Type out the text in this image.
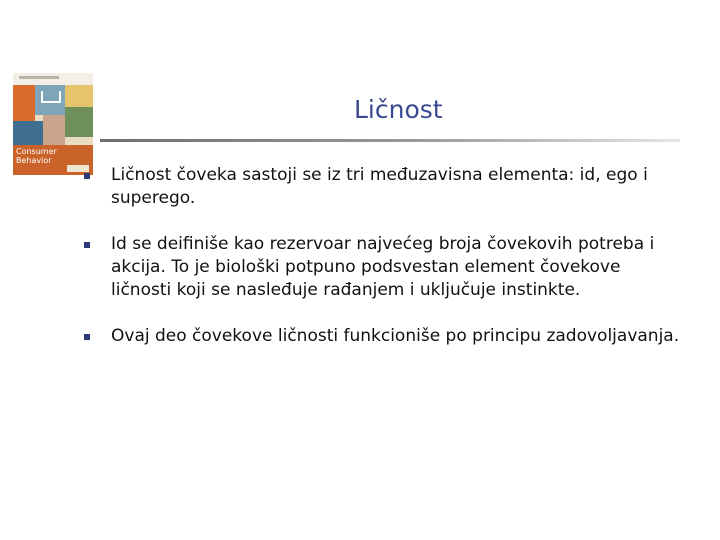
Consumer Behavior
Ličnost
Ličnost čoveka sastoji se iz tri međuzavisna elementa: id, ego i superego.
Id se deifiniše kao rezervoar najvećeg broja čovekovih potreba i akcija. To je biološki potpuno podsvestan element čovekove ličnosti koji se nasleđuje rađanjem i uključuje instinkte.
Ovaj deo čovekove ličnosti funkcioniše po principu zadovoljavanja.
